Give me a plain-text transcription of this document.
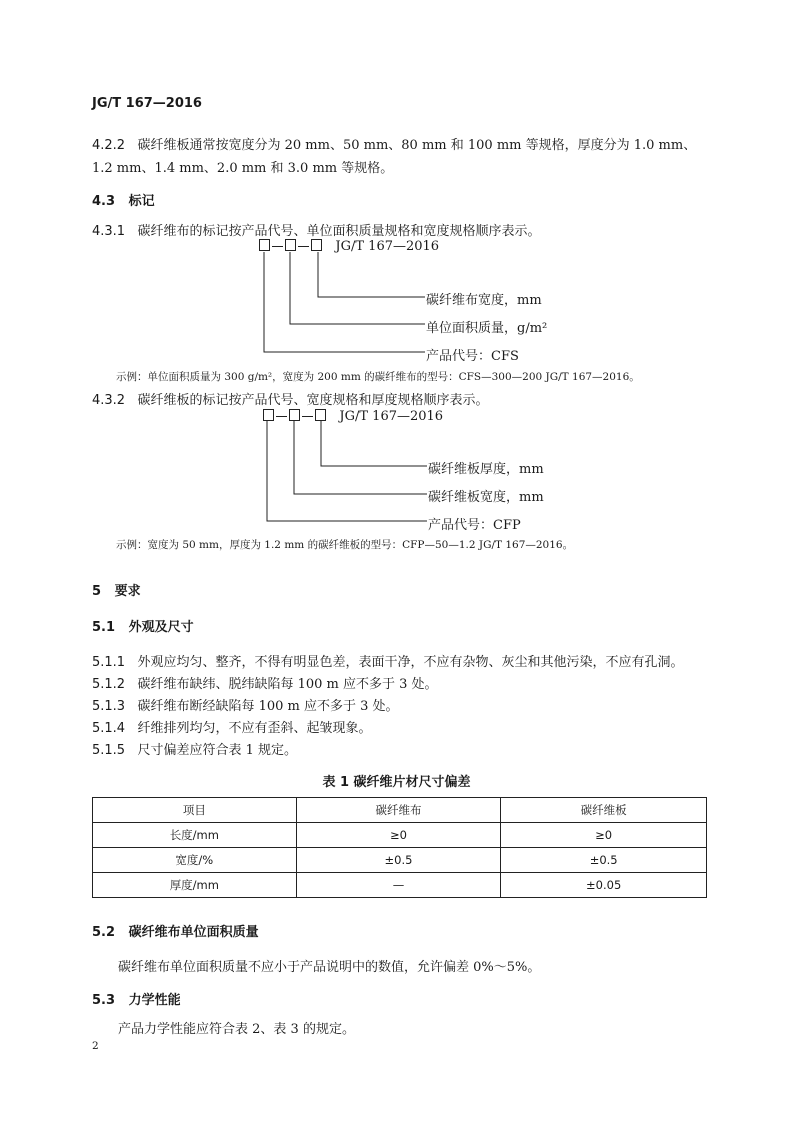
JG/T 167—2016
4.2.2 碳纤维板通常按宽度分为 20 mm、50 mm、80 mm 和 100 mm 等规格，厚度分为 1.0 mm、
1.2 mm、1.4 mm、2.0 mm 和 3.0 mm 等规格。
4.3 标记
4.3.1 碳纤维布的标记按产品代号、单位面积质量规格和宽度规格顺序表示。
JG/T 167—2016
碳纤维布宽度，mm
单位面积质量，g/m²
产品代号：CFS
示例：单位面积质量为 300 g/m²，宽度为 200 mm 的碳纤维布的型号：CFS—300—200 JG/T 167—2016。
4.3.2 碳纤维板的标记按产品代号、宽度规格和厚度规格顺序表示。
JG/T 167—2016
碳纤维板厚度，mm
碳纤维板宽度，mm
产品代号：CFP
示例：宽度为 50 mm，厚度为 1.2 mm 的碳纤维板的型号：CFP—50—1.2 JG/T 167—2016。
5 要求
5.1 外观及尺寸
5.1.1 外观应均匀、整齐，不得有明显色差，表面干净，不应有杂物、灰尘和其他污染，不应有孔洞。
5.1.2 碳纤维布缺纬、脱纬缺陷每 100 m 应不多于 3 处。
5.1.3 碳纤维布断经缺陷每 100 m 应不多于 3 处。
5.1.4 纤维排列均匀，不应有歪斜、起皱现象。
5.1.5 尺寸偏差应符合表 1 规定。
表 1 碳纤维片材尺寸偏差
项目	碳纤维布	碳纤维板
长度/mm	≥0	≥0
宽度/%	±0.5	±0.5
厚度/mm	—	±0.05
5.2 碳纤维布单位面积质量
碳纤维布单位面积质量不应小于产品说明中的数值，允许偏差 0%～5%。
5.3 力学性能
产品力学性能应符合表 2、表 3 的规定。
2
